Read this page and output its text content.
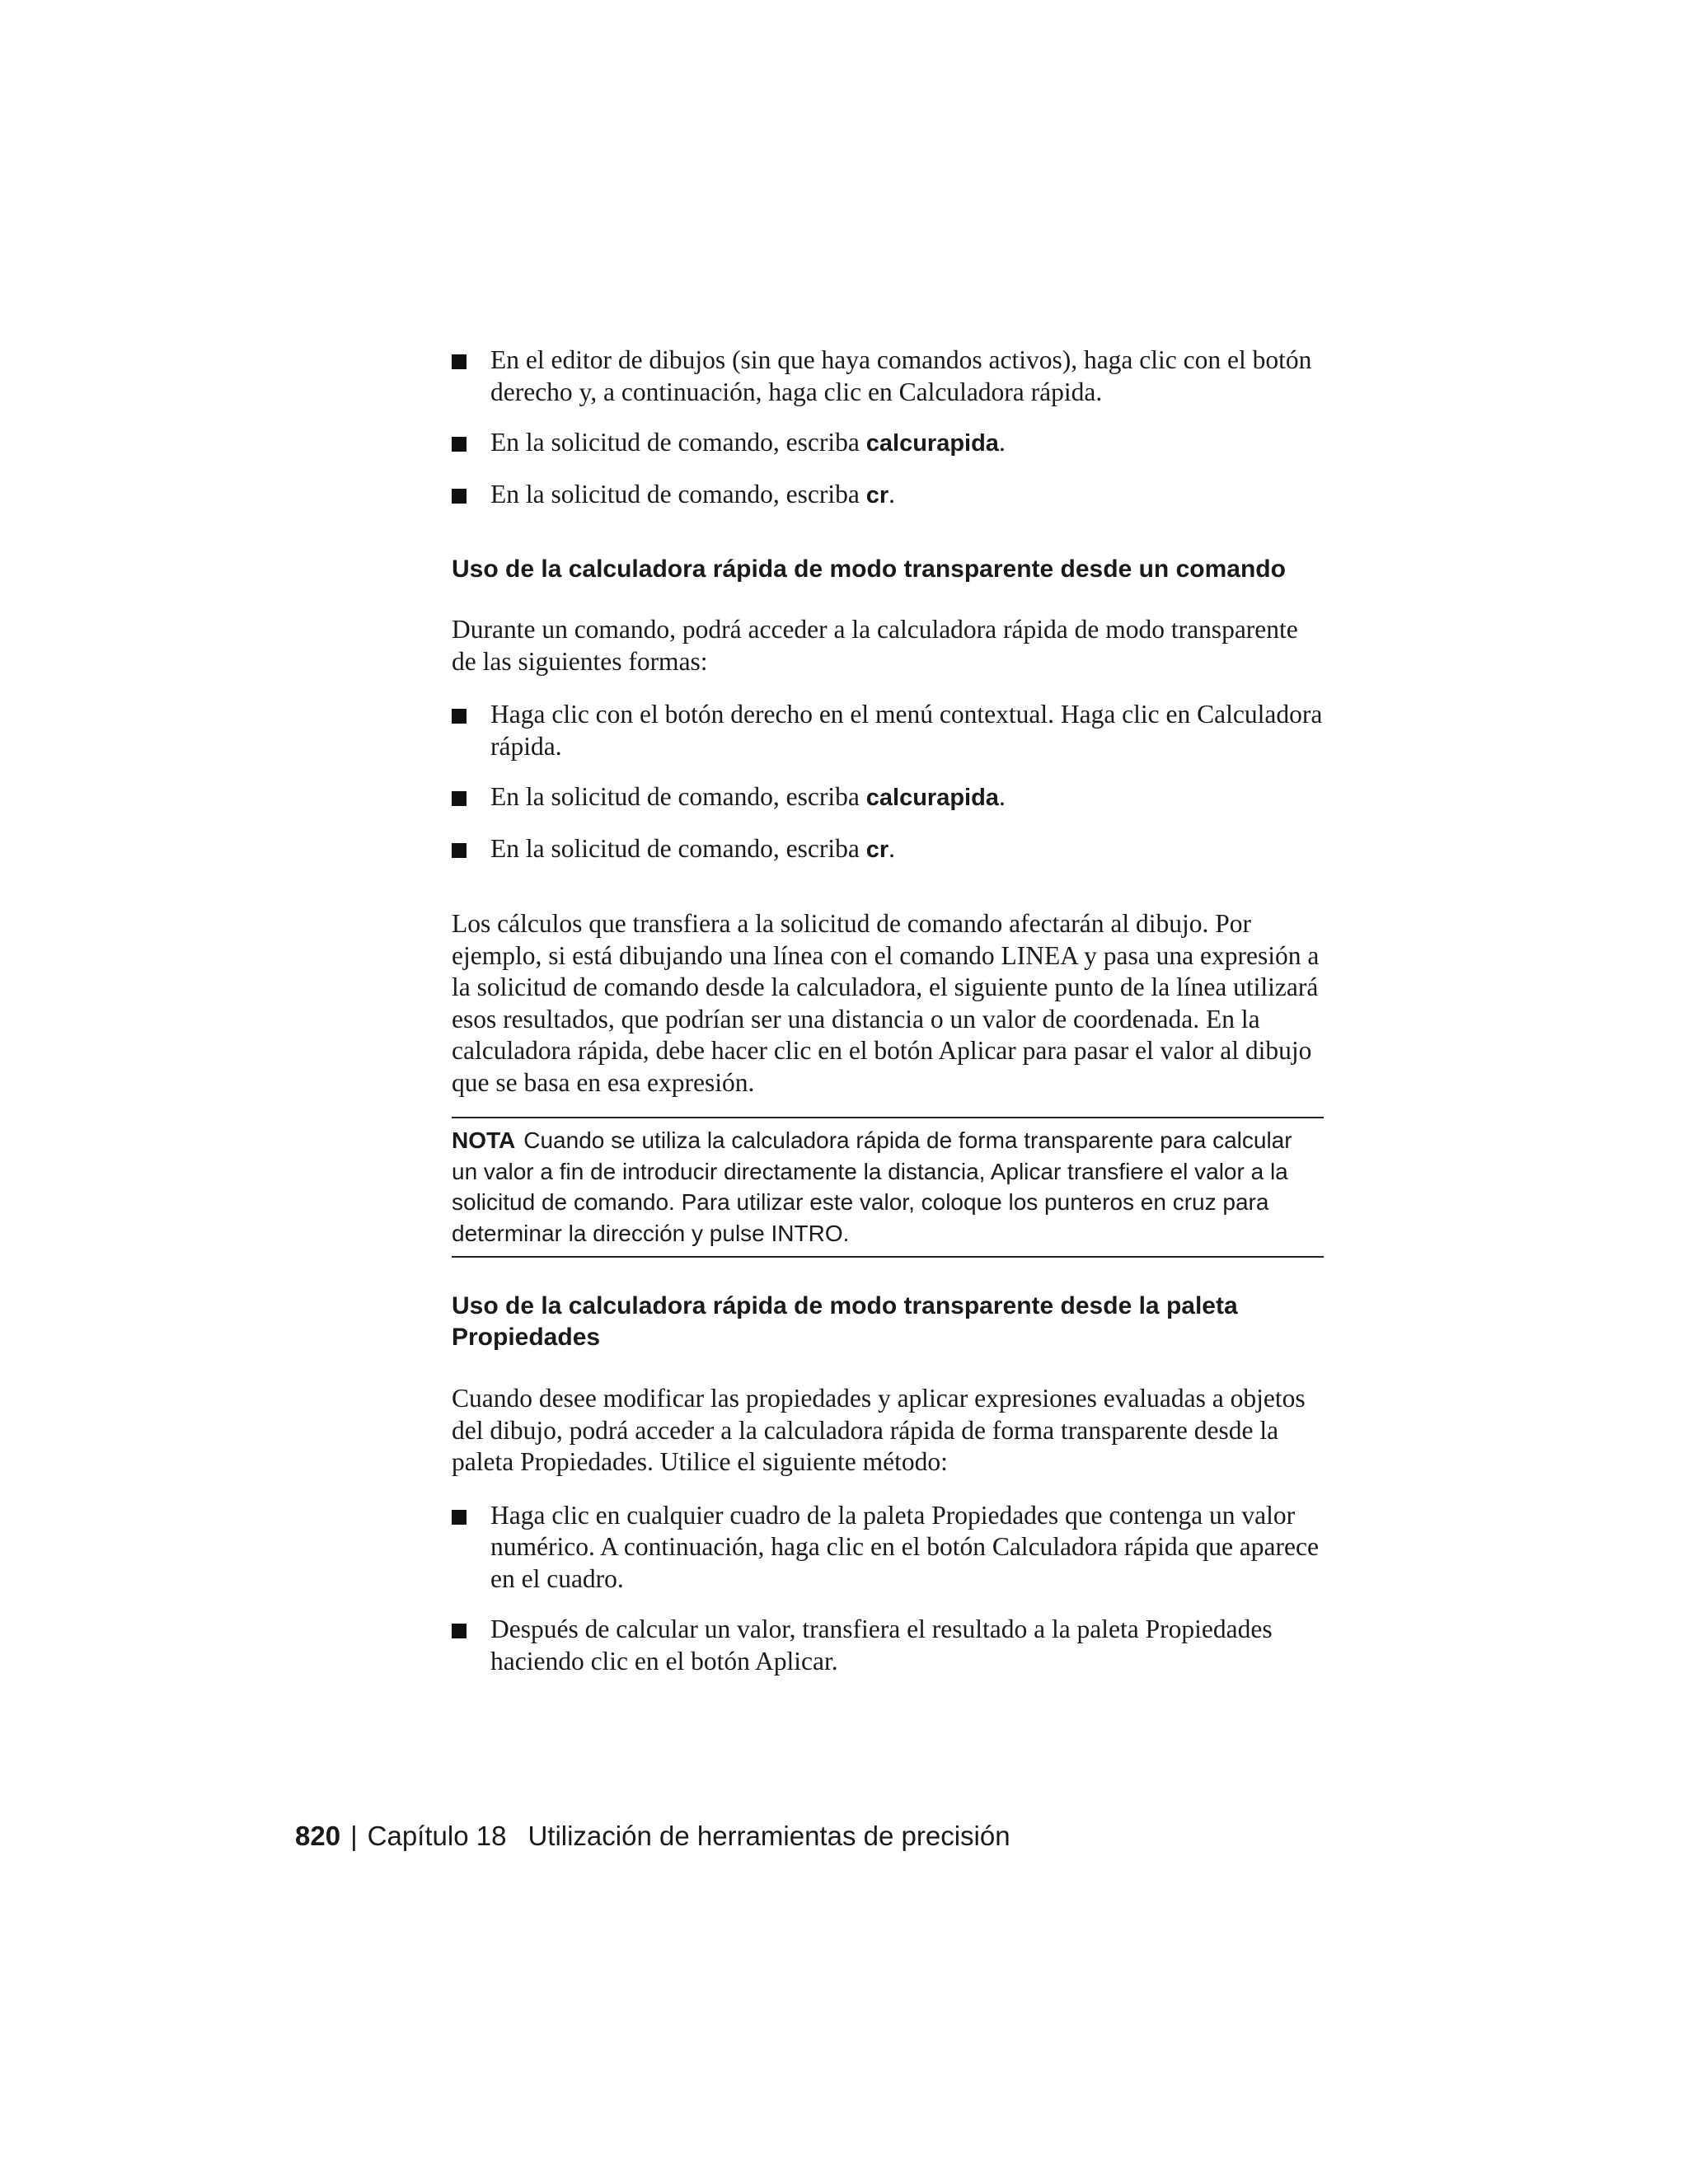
En el editor de dibujos (sin que haya comandos activos), haga clic con el botón derecho y, a continuación, haga clic en Calculadora rápida.
En la solicitud de comando, escriba calcurapida.
En la solicitud de comando, escriba cr.
Uso de la calculadora rápida de modo transparente desde un comando

Durante un comando, podrá acceder a la calculadora rápida de modo transparente de las siguientes formas:

Haga clic con el botón derecho en el menú contextual. Haga clic en Calculadora rápida.
En la solicitud de comando, escriba calcurapida.
En la solicitud de comando, escriba cr.

Los cálculos que transfiera a la solicitud de comando afectarán al dibujo. Por ejemplo, si está dibujando una línea con el comando LINEA y pasa una expresión a la solicitud de comando desde la calculadora, el siguiente punto de la línea utilizará esos resultados, que podrían ser una distancia o un valor de coordenada. En la calculadora rápida, debe hacer clic en el botón Aplicar para pasar el valor al dibujo que se basa en esa expresión.

NOTA Cuando se utiliza la calculadora rápida de forma transparente para calcular un valor a fin de introducir directamente la distancia, Aplicar transfiere el valor a la solicitud de comando. Para utilizar este valor, coloque los punteros en cruz para determinar la dirección y pulse INTRO.
Uso de la calculadora rápida de modo transparente desde la paleta Propiedades

Cuando desee modificar las propiedades y aplicar expresiones evaluadas a objetos del dibujo, podrá acceder a la calculadora rápida de forma transparente desde la paleta Propiedades. Utilice el siguiente método:

Haga clic en cualquier cuadro de la paleta Propiedades que contenga un valor numérico. A continuación, haga clic en el botón Calculadora rápida que aparece en el cuadro.
Después de calcular un valor, transfiera el resultado a la paleta Propiedades haciendo clic en el botón Aplicar.
820 | Capítulo 18 Utilización de herramientas de precisión
